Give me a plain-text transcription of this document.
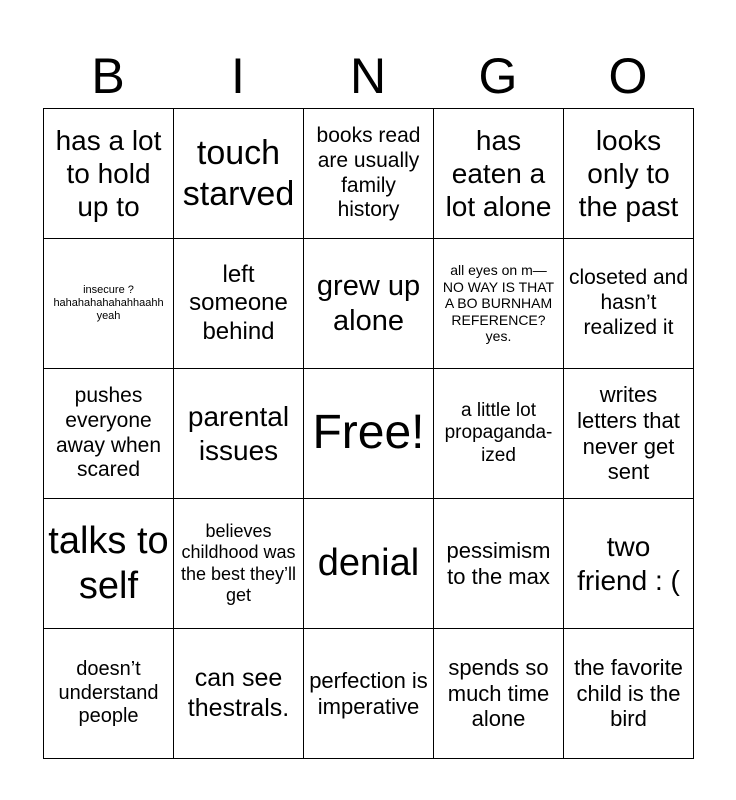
B	I	N	G	O
has a lot to hold up to	touch starved	books read are usually family history	has eaten a lot alone	looks only to the past

insecure ? hahahahahahahhaahh yeah	left someone behind	grew up alone	all eyes on m— NO WAY IS THAT A BO BURNHAM REFERENCE? yes.	closeted and hasn’t realized it

pushes everyone away when scared	parental issues	Free!	a little lot propaganda-ized	writes letters that never get sent

talks to self	believes childhood was the best they’ll get	denial	pessimism to the max	two friend : (

doesn’t understand people	can see thestrals.	perfection is imperative	spends so much time alone	the favorite child is the bird
